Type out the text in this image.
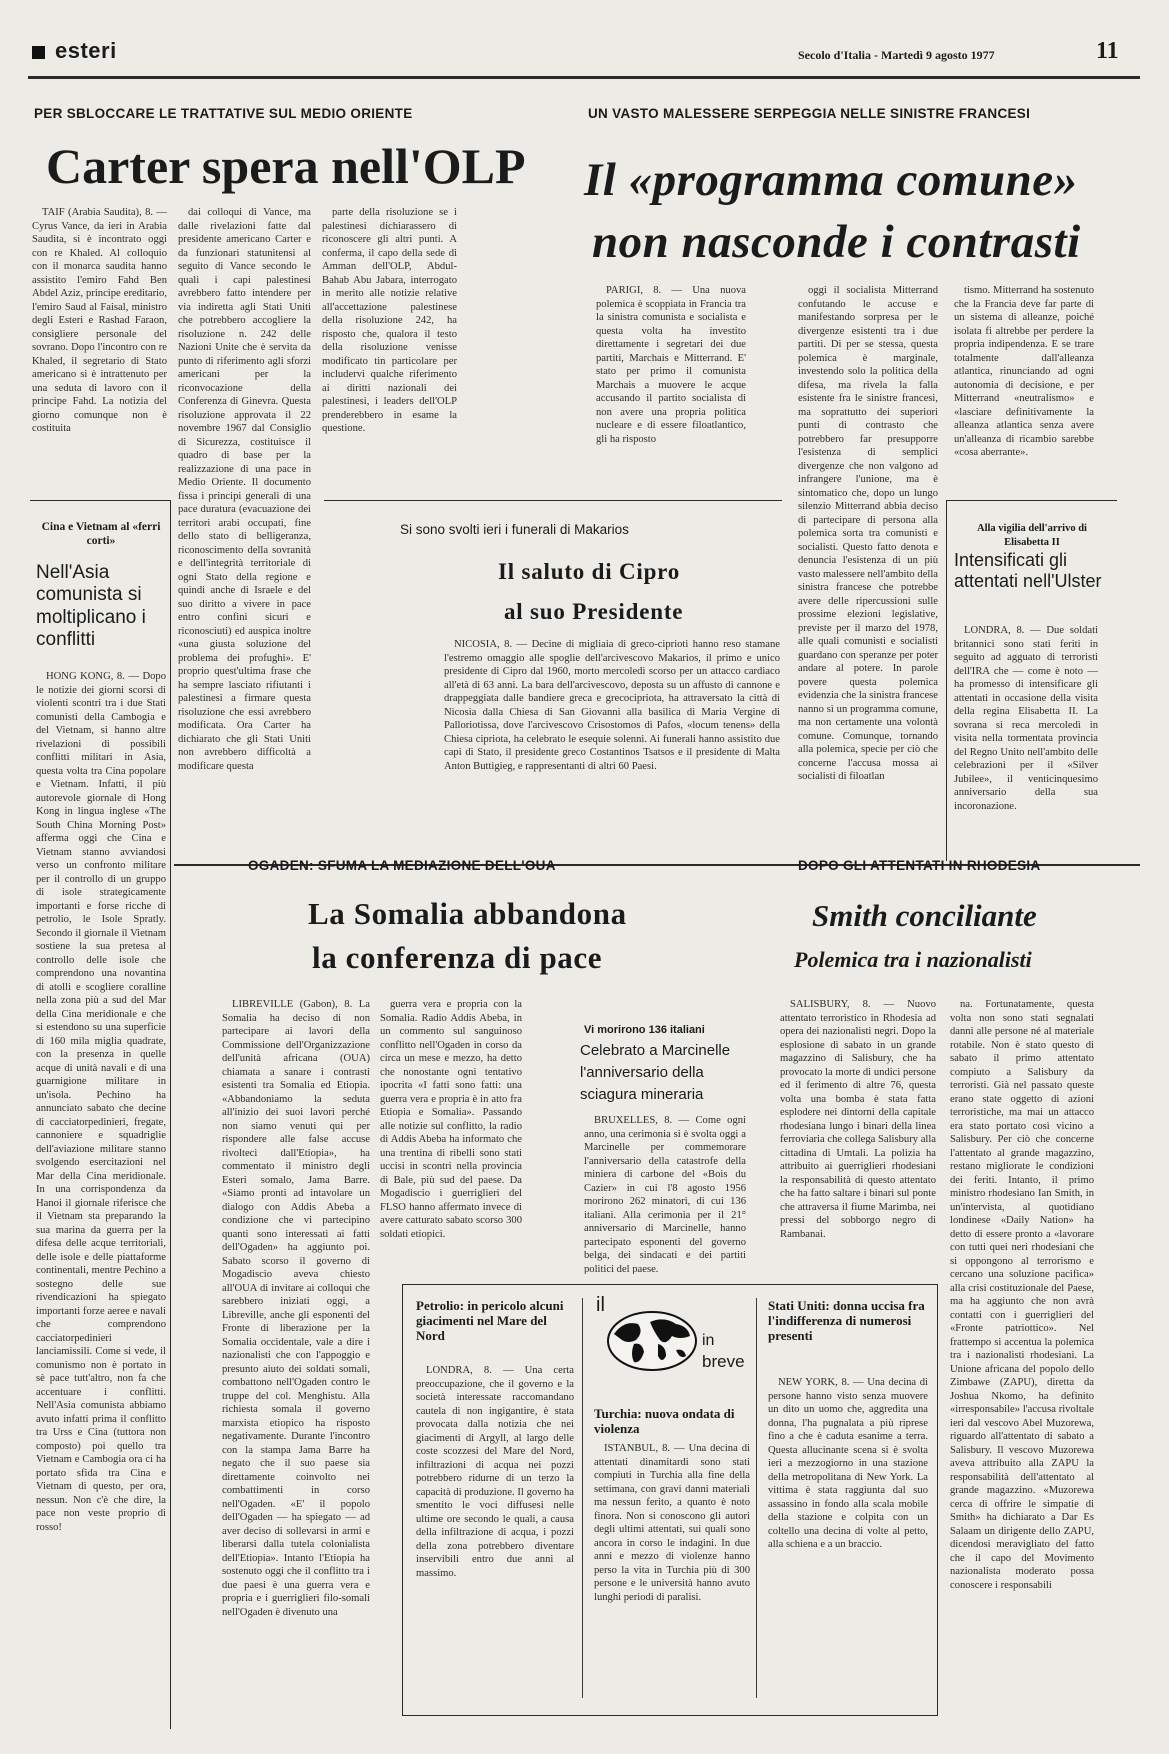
esteri	Secolo d'Italia - Martedì 9 agosto 1977	11
PER SBLOCCARE LE TRATTATIVE SUL MEDIO ORIENTE
Carter spera nell'OLP

TAIF (Arabia Saudita), 8. — Cyrus Vance, da ieri in Arabia Saudita, si è incontrato oggi con re Khaled. Al colloquio con il monarca saudita hanno assistito l'emiro Fahd Ben Abdel Aziz, principe ereditario, l'emiro Saud al Faisal, ministro degli Esteri e Rashad Faraon, consigliere personale del sovrano. Dopo l'incontro con re Khaled, il segretario di Stato americano si è intrattenuto per una seduta di lavoro con il principe Fahd. La notizia del giorno comunque non è costituita

dai colloqui di Vance, ma dalle rivelazioni fatte dal presidente americano Carter e da funzionari statunitensi al seguito di Vance secondo le quali i capi palestinesi avrebbero fatto intendere per via indiretta agli Stati Uniti che potrebbero accogliere la risoluzione n. 242 delle Nazioni Unite che è servita da punto di riferimento agli sforzi americani per la riconvocazione della Conferenza di Ginevra. Questa risoluzione approvata il 22 novembre 1967 dal Consiglio di Sicurezza, costituisce il quadro di base per la realizzazione di una pace in Medio Oriente. Il documento fissa i principi generali di una pace duratura (evacuazione dei territori arabi occupati, fine dello stato di belligeranza, riconoscimento della sovranità e dell'integrità territoriale di ogni Stato della regione e quindi anche di Israele e del suo diritto a vivere in pace entro confini sicuri e riconosciuti) ed auspica inoltre «una giusta soluzione del problema dei profughi». E' proprio quest'ultima frase che ha sempre lasciato rifiutanti i palestinesi a firmare questa risoluzione che essi avrebbero modificata. Ora Carter ha dichiarato che gli Stati Uniti non avrebbero difficoltà a modificare questa

parte della risoluzione se i palestinesi dichiarassero di riconoscere gli altri punti. A conferma, il capo della sede di Amman dell'OLP, Abdul-Bahab Abu Jabara, interrogato in merito alle notizie relative all'accettazione palestinese della risoluzione 242, ha risposto che, qualora il testo della risoluzione venisse modificato tin particolare per includervi qualche riferimento ai diritti nazionali dei palestinesi, i leaders dell'OLP prenderebbero in esame la questione.

Cina e Vietnam al «ferri corti»
Nell'Asia comunista si moltiplicano i conflitti

HONG KONG, 8. — Dopo le notizie dei giorni scorsi di violenti scontri tra i due Stati comunisti della Cambogia e del Vietnam, si hanno altre rivelazioni di possibili conflitti militari in Asia, questa volta tra Cina popolare e Vietnam. Infatti, il più autorevole giornale di Hong Kong in lingua inglese «The South China Morning Post» afferma oggi che Cina e Vietnam stanno avviandosi verso un confronto militare per il controllo di un gruppo di isole strategicamente importanti e forse ricche di petrolio, le Isole Spratly. Secondo il giornale il Vietnam sostiene la sua pretesa al controllo delle isole che comprendono una novantina di atolli e scogliere coralline nella zona più a sud del Mar della Cina meridionale e che si estendono su una superficie di 160 mila miglia quadrate, con la presenza in quelle acque di unità navali e di una guarnigione militare in un'isola. Pechino ha annunciato sabato che decine di cacciatorpedinieri, fregate, cannoniere e squadriglie dell'aviazione militare stanno svolgendo esercitazioni nel Mar della Cina meridionale. In una corrispondenza da Hanoi il giornale riferisce che il Vietnam sta preparando la sua marina da guerra per la difesa delle acque territoriali, delle isole e delle piattaforme continentali, mentre Pechino a sostegno delle sue rivendicazioni ha spiegato importanti forze aeree e navali che comprendono cacciatorpedinieri lanciamissili. Come si vede, il comunismo non è portato in sè pace tutt'altro, non fa che accentuare i conflitti. Nell'Asia comunista abbiamo avuto infatti prima il conflitto tra Urss e Cina (tuttora non composto) poi quello tra Vietnam e Cambogia ora ci ha portato sfida tra Cina e Vietnam di questo, per ora, nessun. Non c'è che dire, la pace non veste proprio di rosso!

UN VASTO MALESSERE SERPEGGIA NELLE SINISTRE FRANCESI
Il «programma comune»
non nasconde i contrasti

PARIGI, 8. — Una nuova polemica è scoppiata in Francia tra la sinistra comunista e socialista e questa volta ha investito direttamente i segretari dei due partiti, Marchais e Mitterrand. E' stato per primo il comunista Marchais a muovere le acque accusando il partito socialista di non avere una propria politica nucleare e di essere filoatlantico, gli ha risposto

oggi il socialista Mitterrand confutando le accuse e manifestando sorpresa per le divergenze esistenti tra i due partiti. Di per se stessa, questa polemica è marginale, investendo solo la politica della difesa, ma rivela la falla esistente fra le sinistre francesi, ma soprattutto dei superiori punti di contrasto che potrebbero far presupporre l'esistenza di semplici divergenze che non valgono ad infrangere l'unione, ma è sintomatico che, dopo un lungo silenzio Mitterrand abbia deciso di partecipare di persona alla polemica sorta tra comunisti e socialisti. Questo fatto denota e denuncia l'esistenza di un più vasto malessere nell'ambito della sinistra francese che potrebbe avere delle ripercussioni sulle prossime elezioni legislative, previste per il marzo del 1978, alle quali comunisti e socialisti guardano con speranze per poter andare al potere. In parole povere questa polemica evidenzia che la sinistra francese nanno sì un programma comune, ma non certamente una volontà comune. Comunque, tornando alla polemica, specie per ciò che concerne l'accusa mossa ai socialisti di filoatlan

tismo. Mitterrand ha sostenuto che la Francia deve far parte di un sistema di alleanze, poiché isolata fi altrebbe per perdere la propria indipendenza. E se trare totalmente dall'alleanza atlantica, rinunciando ad ogni autonomia di decisione, e per Mitterrand «neutralismo» e «lasciare definitivamente la alleanza atlantica senza avere un'alleanza di ricambio sarebbe «cosa aberrante».

Alla vigilia dell'arrivo di Elisabetta II
Intensificati gli attentati nell'Ulster

LONDRA, 8. — Due soldati britannici sono stati feriti in seguito ad agguato di terroristi dell'IRA che — come è noto — ha promesso di intensificare gli attentati in occasione della visita della regina Elisabetta II. La sovrana si reca mercoledì in visita nella tormentata provincia del Regno Unito nell'ambito delle celebrazioni per il «Silver Jubilee», il venticinquesimo anniversario della sua incoronazione.

Si sono svolti ieri i funerali di Makarios
Il saluto di Cipro
al suo Presidente

NICOSIA, 8. — Decine di migliaia di greco-ciprioti hanno reso stamane l'estremo omaggio alle spoglie dell'arcivescovo Makarios, il primo e unico presidente di Cipro dal 1960, morto mercoledì scorso per un attacco cardiaco all'età di 63 anni. La bara dell'arcivescovo, deposta su un affusto di cannone e drappeggiata dalle bandiere greca e grecocipriota, ha attraversato la città di Nicosia dalla Chiesa di San Giovanni alla basilica di Maria Vergine di Palloriotissa, dove l'arcivescovo Crisostomos di Pafos, «locum tenens» della Chiesa cipriota, ha celebrato le esequie solenni. Ai funerali hanno assistito due capi di Stato, il presidente greco Costantinos Tsatsos e il presidente di Malta Anton Buttigieg, e rappresentanti di altri 60 Paesi.

OGADEN: SFUMA LA MEDIAZIONE DELL'OUA
La Somalia abbandona
la conferenza di pace

LIBREVILLE (Gabon), 8. La Somalia ha deciso di non partecipare ai lavori della Commissione dell'Organizzazione dell'unità africana (OUA) chiamata a sanare i contrasti esistenti tra Somalia ed Etiopia. «Abbandoniamo la seduta all'inizio dei suoi lavori perché non siamo venuti qui per rispondere alle false accuse rivolteci dall'Etiopia», ha commentato il ministro degli Esteri somalo, Jama Barre. «Siamo pronti ad intavolare un dialogo con Addis Abeba a condizione che vi partecipino quanti sono interessati ai fatti dell'Ogaden» ha aggiunto poi. Sabato scorso il governo di Mogadiscio aveva chiesto all'OUA di invitare ai colloqui che sarebbero iniziati oggi, a Libreville, anche gli esponenti del Fronte di liberazione per la Somalia occidentale, vale a dire i nazionalisti che con l'appoggio e presunto aiuto dei soldati somali, combattono nell'Ogaden contro le truppe del col. Menghistu. Alla richiesta somala il governo marxista etiopico ha risposto negativamente. Durante l'incontro con la stampa Jama Barre ha negato che il suo paese sia direttamente coinvolto nei combattimenti in corso nell'Ogaden. «E' il popolo dell'Ogaden — ha spiegato — ad aver deciso di sollevarsi in armi e liberarsi dalla tutela colonialista dell'Etiopia». Intanto l'Etiopia ha sostenuto oggi che il conflitto tra i due paesi è una guerra vera e propria e i guerriglieri filo-somali nell'Ogaden è divenuto una

guerra vera e propria con la Somalia. Radio Addis Abeba, in un commento sul sanguinoso conflitto nell'Ogaden in corso da circa un mese e mezzo, ha detto che nonostante ogni tentativo ipocrita «I fatti sono fatti: una guerra vera e propria è in atto fra Etiopia e Somalia». Passando alle notizie sul conflitto, la radio di Addis Abeba ha informato che una trentina di ribelli sono stati uccisi in scontri nella provincia di Bale, più sud del paese. Da Mogadiscio i guerriglieri del FLSO hanno affermato invece di avere catturato sabato scorso 300 soldati etiopici.

Vi morirono 136 italiani
Celebrato a Marcinelle l'anniversario della sciagura mineraria

BRUXELLES, 8. — Come ogni anno, una cerimonia si è svolta oggi a Marcinelle per commemorare l'anniversario della catastrofe della miniera di carbone del «Bois du Cazier» in cui l'8 agosto 1956 morirono 262 minatori, di cui 136 italiani. Alla cerimonia per il 21° anniversario di Marcinelle, hanno partecipato esponenti del governo belga, dei sindacati e dei partiti politici del paese.

DOPO GLI ATTENTATI IN RHODESIA
Smith conciliante
Polemica tra i nazionalisti

SALISBURY, 8. — Nuovo attentato terroristico in Rhodesia ad opera dei nazionalisti negri. Dopo la esplosione di sabato in un grande magazzino di Salisbury, che ha provocato la morte di undici persone ed il ferimento di altre 76, questa volta una bomba è stata fatta esplodere nei dintorni della capitale rhodesiana lungo i binari della linea ferroviaria che collega Salisbury alla cittadina di Umtali. La polizia ha attribuito ai guerriglieri rhodesiani la responsabilità di questo attentato che ha fatto saltare i binari sul ponte che attraversa il fiume Marimba, nei pressi del sobborgo negro di Rambanai.

na. Fortunatamente, questa volta non sono stati segnalati danni alle persone né al materiale rotabile. Non è stato questo di sabato il primo attentato compiuto a Salisbury da terroristi. Già nel passato queste erano state oggetto di azioni terroristiche, ma mai un attacco era stato portato così vicino a Salisbury. Per ciò che concerne l'attentato al grande magazzino, restano migliorate le condizioni dei feriti. Intanto, il primo ministro rhodesiano Ian Smith, in un'intervista, al quotidiano londinese «Daily Nation» ha detto di essere pronto a «lavorare con tutti quei neri rhodesiani che si oppongono al terrorismo e cercano una soluzione pacifica» alla crisi costituzionale del Paese, ma ha aggiunto che non avrà contatti con i guerriglieri del «Fronte patriottico». Nel frattempo si accentua la polemica tra i nazionalisti rhodesiani. La Unione africana del popolo dello Zimbawe (ZAPU), diretta da Joshua Nkomo, ha definito «irresponsabile» l'accusa rivoltale ieri dal vescovo Abel Muzorewa, riguardo all'attentato di sabato a Salisbury. Il vescovo Muzorewa aveva attribuito alla ZAPU la responsabilità dell'attentato al grande magazzino. «Muzorewa cerca di offrire le simpatie di Smith» ha dichiarato a Dar Es Salaam un dirigente dello ZAPU, dicendosi meravigliato del fatto che il capo del Movimento nazionalista moderato possa conoscere i responsabili

Petrolio: in pericolo alcuni giacimenti nel Mare del Nord

LONDRA, 8. — Una certa preoccupazione, che il governo e la società interessate raccomandano cautela di non ingigantire, è stata provocata dalla notizia che nei giacimenti di Argyll, al largo delle coste scozzesi del Mare del Nord, infiltrazioni di acqua nei pozzi potrebbero ridurne di un terzo la capacità di produzione. Il governo ha smentito le voci diffusesi nelle ultime ore secondo le quali, a causa della infiltrazione di acqua, i pozzi della zona potrebbero diventare inservibili entro due anni al massimo.

il
in
breve
Turchia: nuova ondata di violenza

ISTANBUL, 8. — Una decina di attentati dinamitardi sono stati compiuti in Turchia alla fine della settimana, con gravi danni materiali ma nessun ferito, a quanto è noto finora. Non si conoscono gli autori degli ultimi attentati, sui quali sono ancora in corso le indagini. In due anni e mezzo di violenze hanno perso la vita in Turchia più di 300 persone e le università hanno avuto lunghi periodi di paralisi.

Stati Uniti: donna uccisa fra l'indifferenza di numerosi presenti

NEW YORK, 8. — Una decina di persone hanno visto senza muovere un dito un uomo che, aggredita una donna, l'ha pugnalata a più riprese fino a che è caduta esanime a terra. Questa allucinante scena si è svolta ieri a mezzogiorno in una stazione della metropolitana di New York. La vittima è stata raggiunta dal suo assassino in fondo alla scala mobile della stazione e colpita con un coltello una decina di volte al petto, alla schiena e a un braccio.
